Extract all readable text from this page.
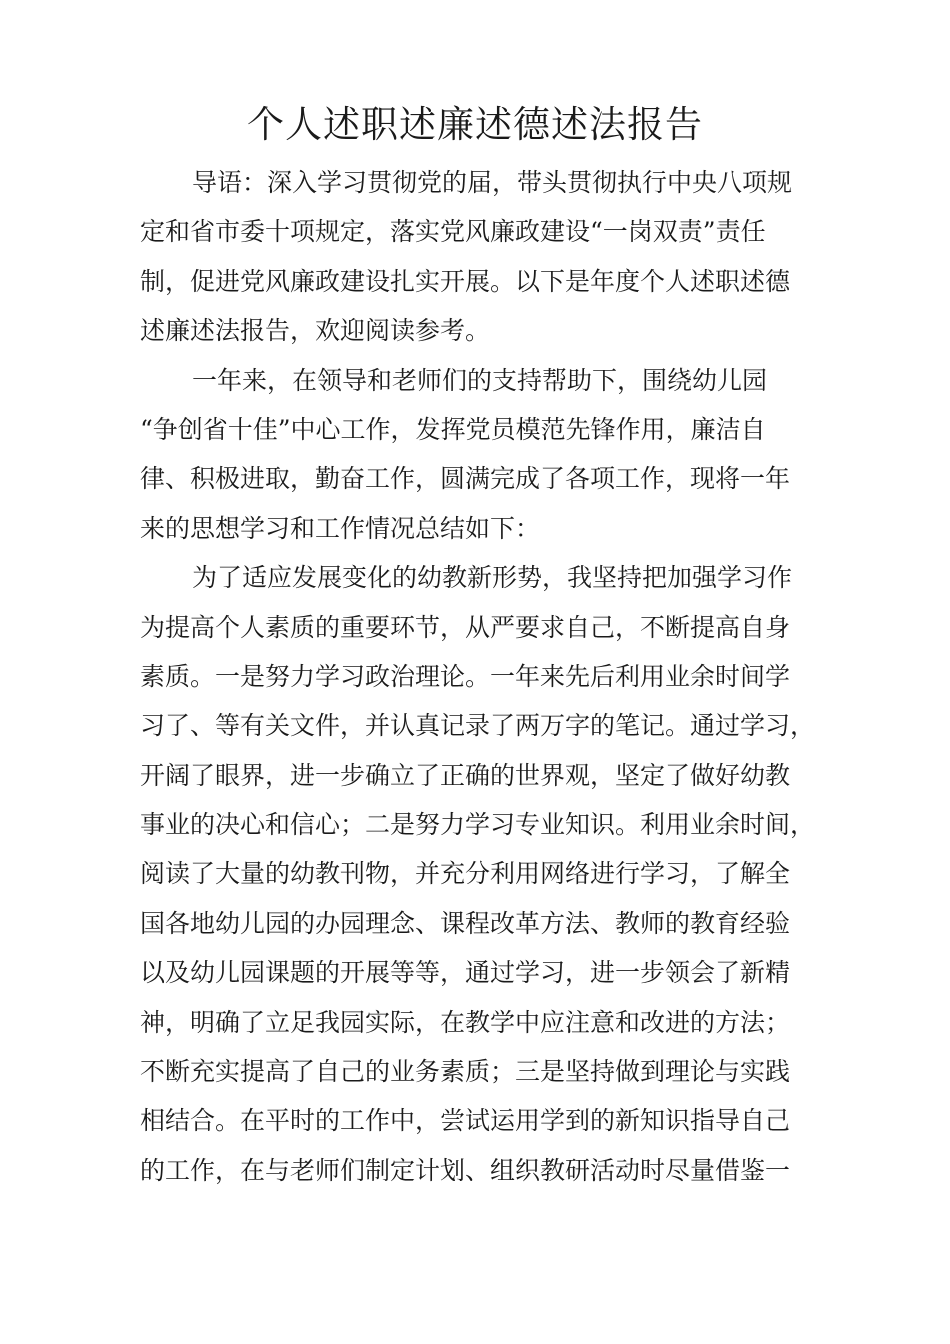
个人述职述廉述德述法报告
导语：深入学习贯彻党的届，带头贯彻执行中央八项规
定和省市委十项规定，落实党风廉政建设“一岗双责”责任
制，促进党风廉政建设扎实开展。以下是年度个人述职述德
述廉述法报告，欢迎阅读参考。
一年来，在领导和老师们的支持帮助下，围绕幼儿园
“争创省十佳”中心工作，发挥党员模范先锋作用，廉洁自
律、积极进取，勤奋工作，圆满完成了各项工作，现将一年
来的思想学习和工作情况总结如下：
为了适应发展变化的幼教新形势，我坚持把加强学习作
为提高个人素质的重要环节，从严要求自己，不断提高自身
素质。一是努力学习政治理论。一年来先后利用业余时间学
习了、等有关文件，并认真记录了两万字的笔记。通过学习，
开阔了眼界，进一步确立了正确的世界观，坚定了做好幼教
事业的决心和信心；二是努力学习专业知识。利用业余时间，
阅读了大量的幼教刊物，并充分利用网络进行学习，了解全
国各地幼儿园的办园理念、课程改革方法、教师的教育经验
以及幼儿园课题的开展等等，通过学习，进一步领会了新精
神，明确了立足我园实际，在教学中应注意和改进的方法；
不断充实提高了自己的业务素质；三是坚持做到理论与实践
相结合。在平时的工作中，尝试运用学到的新知识指导自己
的工作，在与老师们制定计划、组织教研活动时尽量借鉴一
